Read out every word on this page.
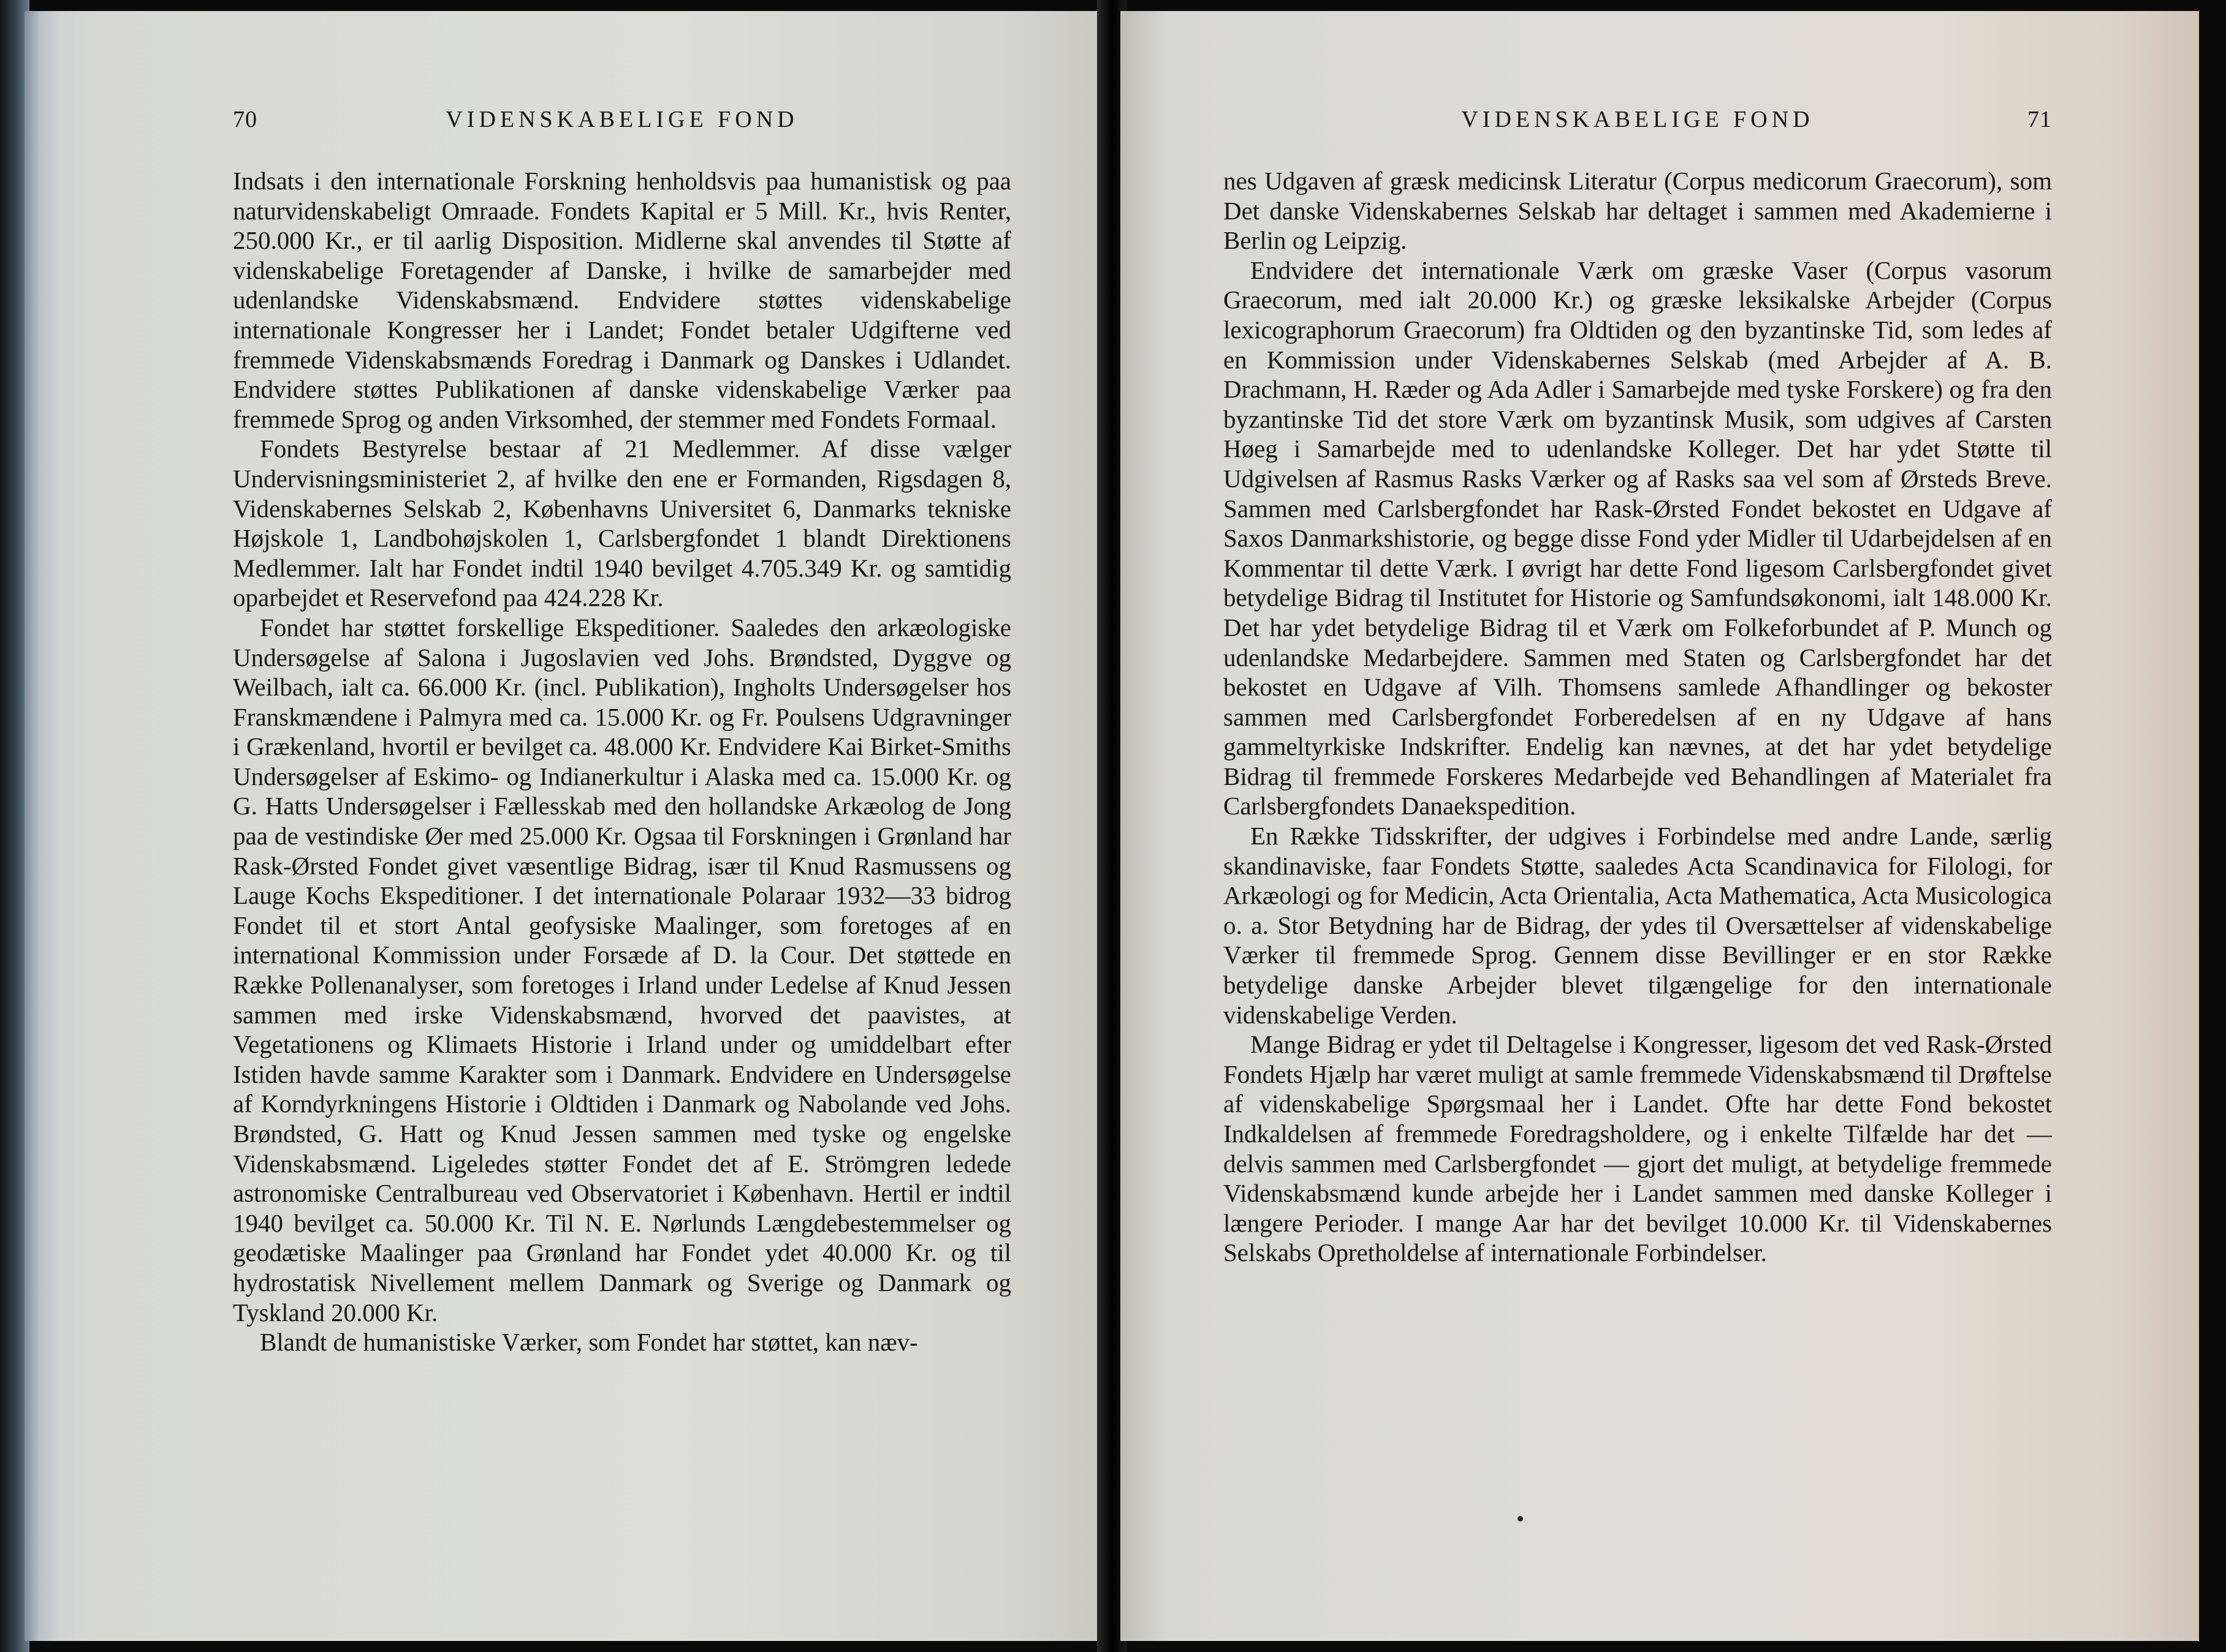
70	VIDENSKABELIGE FOND

Indsats i den internationale Forskning henholdsvis paa humanistisk og paa naturvidenskabeligt Omraade. Fondets Kapital er 5 Mill. Kr., hvis Renter, 250.000 Kr., er til aarlig Disposition. Midlerne skal anvendes til Støtte af videnskabelige Foretagender af Danske, i hvilke de samarbejder med udenlandske Videnskabsmænd. Endvidere støttes videnskabelige internationale Kongresser her i Landet; Fondet betaler Udgifterne ved fremmede Videnskabsmænds Foredrag i Danmark og Danskes i Udlandet. Endvidere støttes Publikationen af danske videnskabelige Værker paa fremmede Sprog og anden Virksomhed, der stemmer med Fondets Formaal.

Fondets Bestyrelse bestaar af 21 Medlemmer. Af disse vælger Undervisningsministeriet 2, af hvilke den ene er Formanden, Rigsdagen 8, Videnskabernes Selskab 2, Københavns Universitet 6, Danmarks tekniske Højskole 1, Landbohøjskolen 1, Carlsbergfondet 1 blandt Direktionens Medlemmer. Ialt har Fondet indtil 1940 bevilget 4.705.349 Kr. og samtidig oparbejdet et Reservefond paa 424.228 Kr.

Fondet har støttet forskellige Ekspeditioner. Saaledes den arkæologiske Undersøgelse af Salona i Jugoslavien ved Johs. Brøndsted, Dyggve og Weilbach, ialt ca. 66.000 Kr. (incl. Publikation), Ingholts Undersøgelser hos Franskmændene i Palmyra med ca. 15.000 Kr. og Fr. Poulsens Udgravninger i Grækenland, hvortil er bevilget ca. 48.000 Kr. Endvidere Kai Birket-Smiths Undersøgelser af Eskimo- og Indianerkultur i Alaska med ca. 15.000 Kr. og G. Hatts Undersøgelser i Fællesskab med den hollandske Arkæolog de Jong paa de vestindiske Øer med 25.000 Kr. Ogsaa til Forskningen i Grønland har Rask-Ørsted Fondet givet væsentlige Bidrag, især til Knud Rasmussens og Lauge Kochs Ekspeditioner. I det internationale Polaraar 1932—33 bidrog Fondet til et stort Antal geofysiske Maalinger, som foretoges af en international Kommission under Forsæde af D. la Cour. Det støttede en Række Pollenanalyser, som foretoges i Irland under Ledelse af Knud Jessen sammen med irske Videnskabsmænd, hvorved det paavistes, at Vegetationens og Klimaets Historie i Irland under og umiddelbart efter Istiden havde samme Karakter som i Danmark. Endvidere en Undersøgelse af Korndyrkningens Historie i Oldtiden i Danmark og Nabolande ved Johs. Brøndsted, G. Hatt og Knud Jessen sammen med tyske og engelske Videnskabsmænd. Ligeledes støtter Fondet det af E. Strömgren ledede astronomiske Centralbureau ved Observatoriet i København. Hertil er indtil 1940 bevilget ca. 50.000 Kr. Til N. E. Nørlunds Længdebestemmelser og geodætiske Maalinger paa Grønland har Fondet ydet 40.000 Kr. og til hydrostatisk Nivellement mellem Danmark og Sverige og Danmark og Tyskland 20.000 Kr.

Blandt de humanistiske Værker, som Fondet har støttet, kan næv-

VIDENSKABELIGE FOND	71

nes Udgaven af græsk medicinsk Literatur (Corpus medicorum Graecorum), som Det danske Videnskabernes Selskab har deltaget i sammen med Akademierne i Berlin og Leipzig.

Endvidere det internationale Værk om græske Vaser (Corpus vasorum Graecorum, med ialt 20.000 Kr.) og græske leksikalske Arbejder (Corpus lexicographorum Graecorum) fra Oldtiden og den byzantinske Tid, som ledes af en Kommission under Videnskabernes Selskab (med Arbejder af A. B. Drachmann, H. Ræder og Ada Adler i Samarbejde med tyske Forskere) og fra den byzantinske Tid det store Værk om byzantinsk Musik, som udgives af Carsten Høeg i Samarbejde med to udenlandske Kolleger. Det har ydet Støtte til Udgivelsen af Rasmus Rasks Værker og af Rasks saa vel som af Ørsteds Breve. Sammen med Carlsbergfondet har Rask-Ørsted Fondet bekostet en Udgave af Saxos Danmarkshistorie, og begge disse Fond yder Midler til Udarbejdelsen af en Kommentar til dette Værk. I øvrigt har dette Fond ligesom Carlsbergfondet givet betydelige Bidrag til Institutet for Historie og Samfundsøkonomi, ialt 148.000 Kr. Det har ydet betydelige Bidrag til et Værk om Folkeforbundet af P. Munch og udenlandske Medarbejdere. Sammen med Staten og Carlsbergfondet har det bekostet en Udgave af Vilh. Thomsens samlede Afhandlinger og bekoster sammen med Carlsbergfondet Forberedelsen af en ny Udgave af hans gammeltyrkiske Indskrifter. Endelig kan nævnes, at det har ydet betydelige Bidrag til fremmede Forskeres Medarbejde ved Behandlingen af Materialet fra Carlsbergfondets Danaekspedition.

En Række Tidsskrifter, der udgives i Forbindelse med andre Lande, særlig skandinaviske, faar Fondets Støtte, saaledes Acta Scandinavica for Filologi, for Arkæologi og for Medicin, Acta Orientalia, Acta Mathematica, Acta Musicologica o. a. Stor Betydning har de Bidrag, der ydes til Oversættelser af videnskabelige Værker til fremmede Sprog. Gennem disse Bevillinger er en stor Række betydelige danske Arbejder blevet tilgængelige for den internationale videnskabelige Verden.

Mange Bidrag er ydet til Deltagelse i Kongresser, ligesom det ved Rask-Ørsted Fondets Hjælp har været muligt at samle fremmede Videnskabsmænd til Drøftelse af videnskabelige Spørgsmaal her i Landet. Ofte har dette Fond bekostet Indkaldelsen af fremmede Foredragsholdere, og i enkelte Tilfælde har det — delvis sammen med Carlsbergfondet — gjort det muligt, at betydelige fremmede Videnskabsmænd kunde arbejde her i Landet sammen med danske Kolleger i længere Perioder. I mange Aar har det bevilget 10.000 Kr. til Videnskabernes Selskabs Opretholdelse af internationale Forbindelser.
